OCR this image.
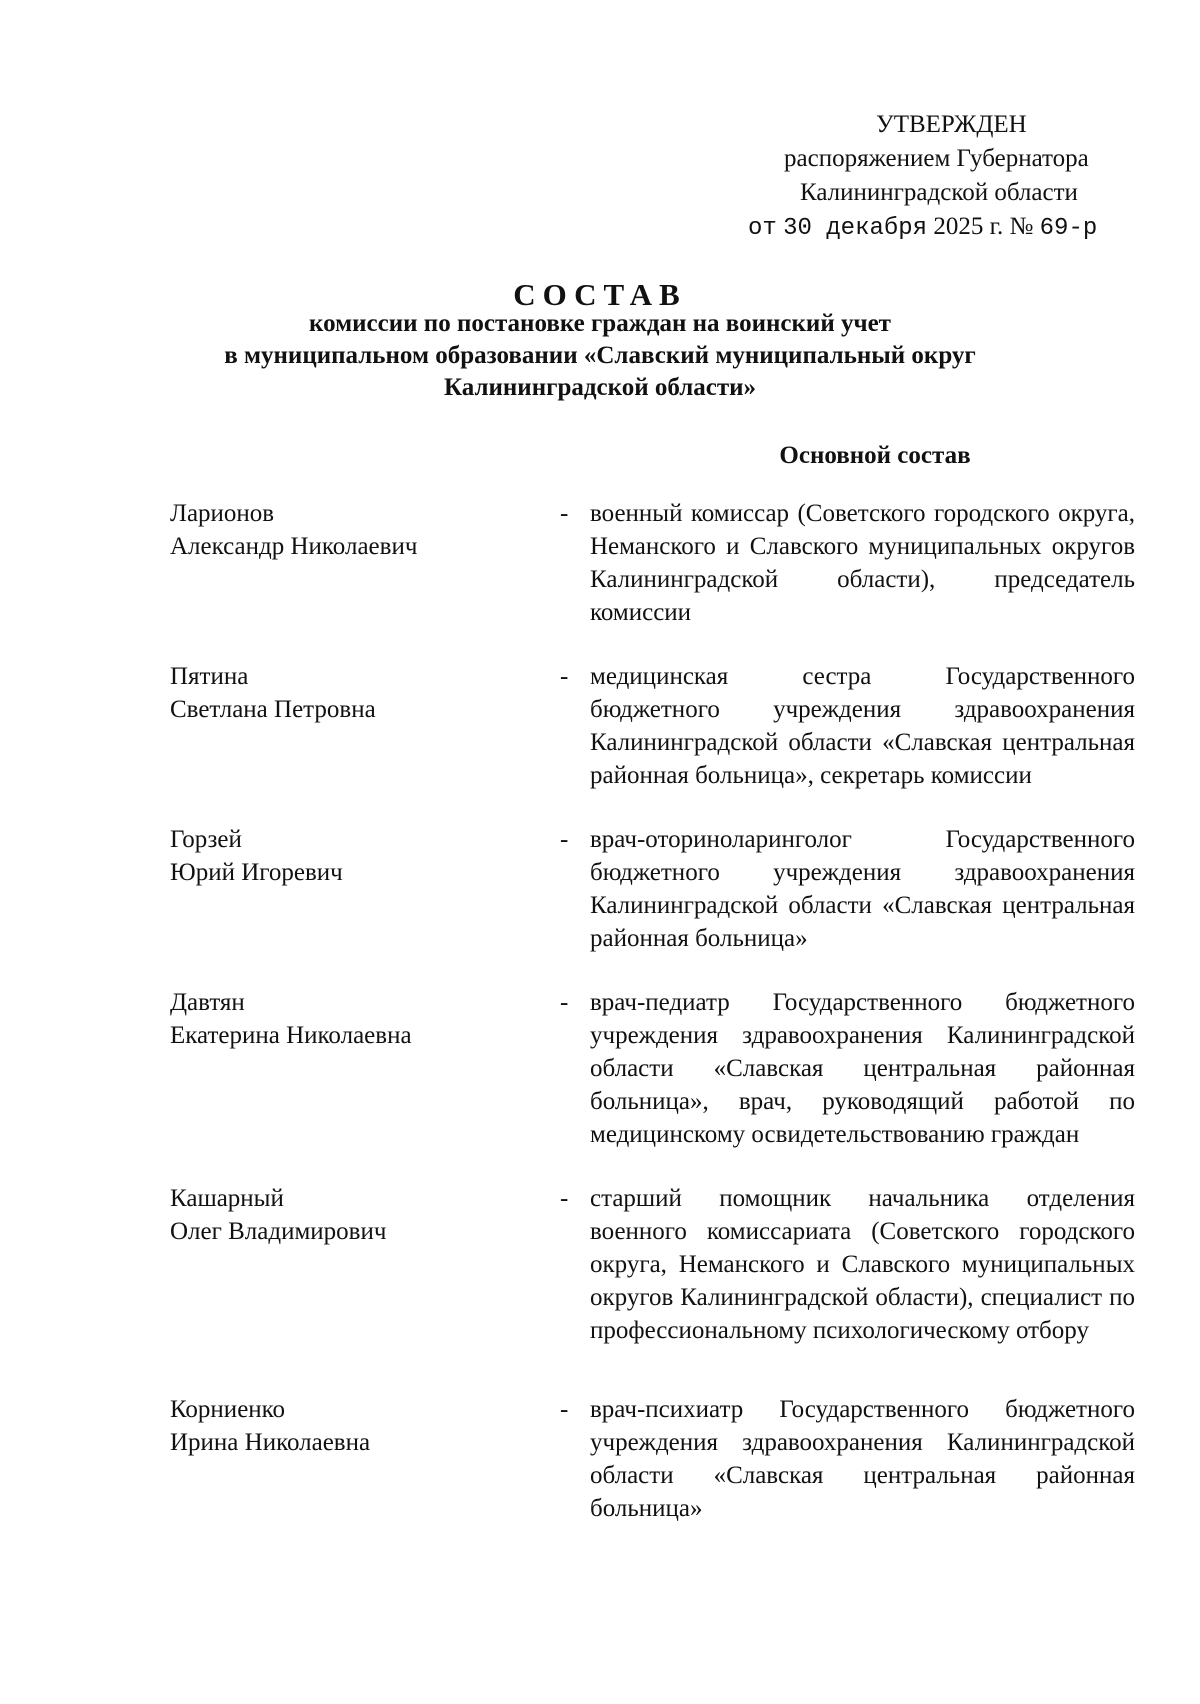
УТВЕРЖДЕН
распоряжением Губернатора
Калининградской области
от 30 декабря 2025 г. № 69-р
СОСТАВ
комиссии по постановке граждан на воинский учет
в муниципальном образовании «Славский муниципальный округ
Калининградской области»
Основной состав
Ларионов
Александр Николаевич
- военный комиссар (Советского городского округа, Неманского и Славского муниципальных округов Калининградской области), председатель комиссии
Пятина
Светлана Петровна
- медицинская сестра Государственного бюджетного учреждения здравоохранения Калининградской области «Славская центральная районная больница», секретарь комиссии
Горзей
Юрий Игоревич
- врач-оториноларинголог Государственного бюджетного учреждения здравоохранения Калининградской области «Славская центральная районная больница»
Давтян
Екатерина Николаевна
- врач-педиатр Государственного бюджетного учреждения здравоохранения Калининградской области «Славская центральная районная больница», врач, руководящий работой по медицинскому освидетельствованию граждан
Кашарный
Олег Владимирович
- старший помощник начальника отделения военного комиссариата (Советского городского округа, Неманского и Славского муниципальных округов Калининградской области), специалист по профессиональному психологическому отбору
Корниенко
Ирина Николаевна
- врач-психиатр Государственного бюджетного учреждения здравоохранения Калининградской области «Славская центральная районная больница»
